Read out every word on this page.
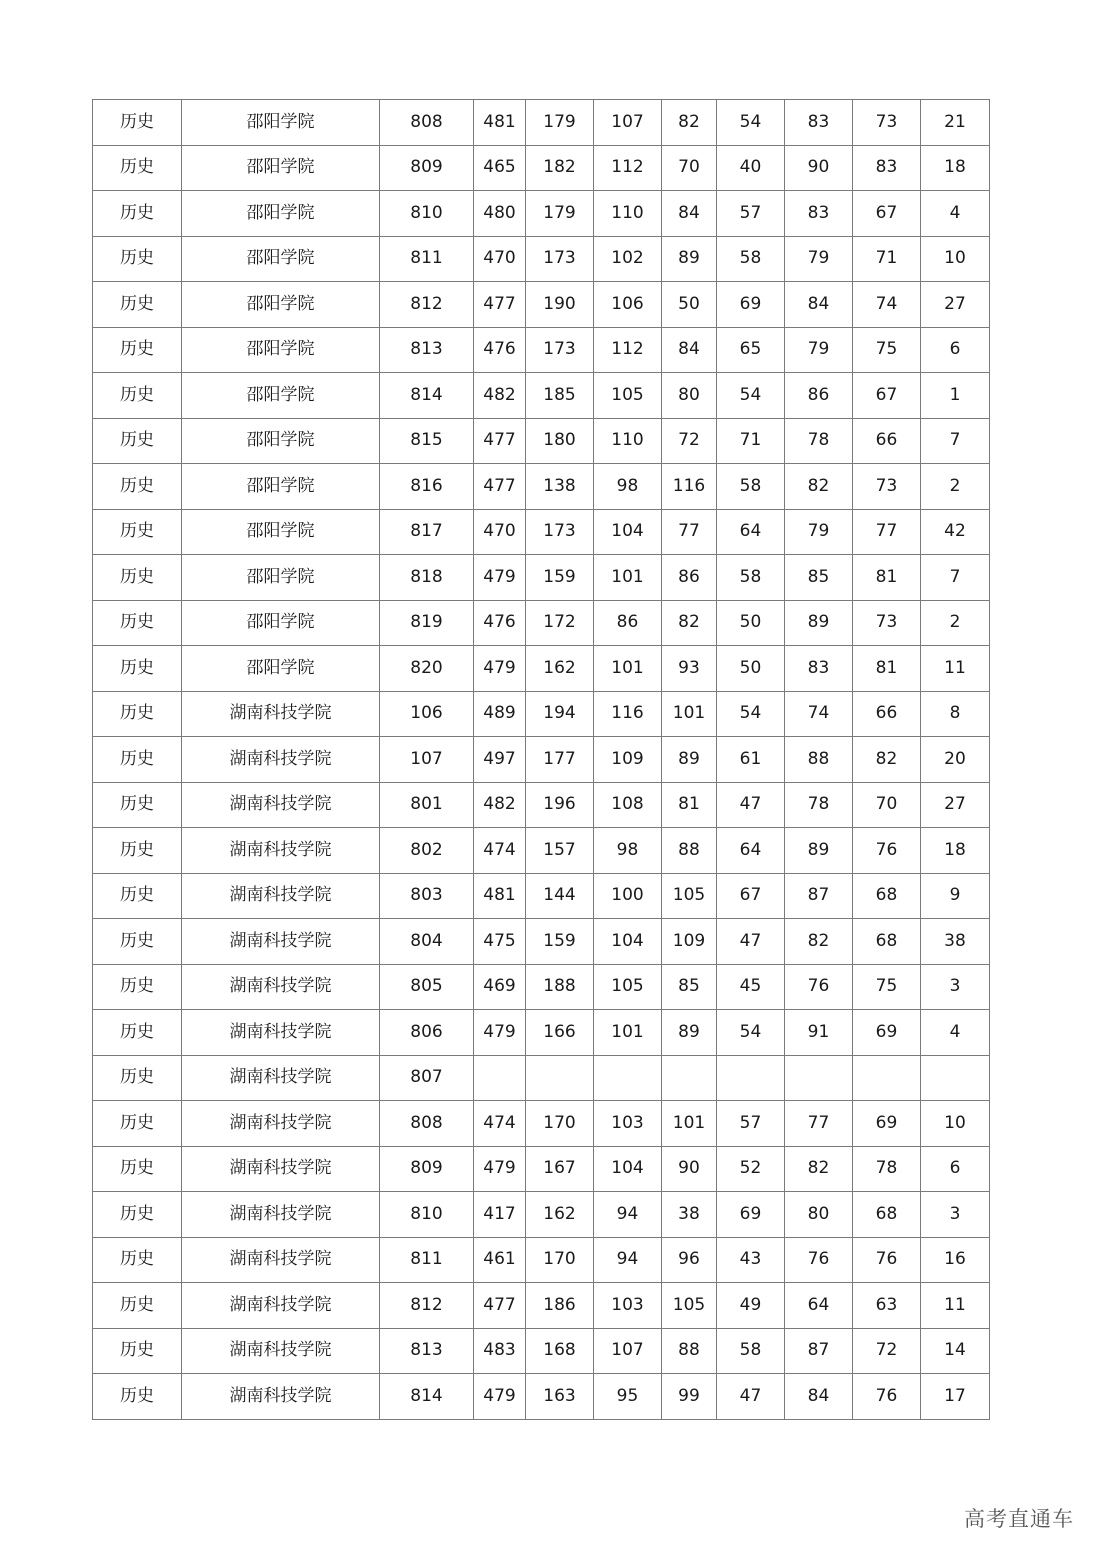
历史	邵阳学院	808	481	179	107	82	54	83	73	21
历史	邵阳学院	809	465	182	112	70	40	90	83	18
历史	邵阳学院	810	480	179	110	84	57	83	67	4
历史	邵阳学院	811	470	173	102	89	58	79	71	10
历史	邵阳学院	812	477	190	106	50	69	84	74	27
历史	邵阳学院	813	476	173	112	84	65	79	75	6
历史	邵阳学院	814	482	185	105	80	54	86	67	1
历史	邵阳学院	815	477	180	110	72	71	78	66	7
历史	邵阳学院	816	477	138	98	116	58	82	73	2
历史	邵阳学院	817	470	173	104	77	64	79	77	42
历史	邵阳学院	818	479	159	101	86	58	85	81	7
历史	邵阳学院	819	476	172	86	82	50	89	73	2
历史	邵阳学院	820	479	162	101	93	50	83	81	11
历史	湖南科技学院	106	489	194	116	101	54	74	66	8
历史	湖南科技学院	107	497	177	109	89	61	88	82	20
历史	湖南科技学院	801	482	196	108	81	47	78	70	27
历史	湖南科技学院	802	474	157	98	88	64	89	76	18
历史	湖南科技学院	803	481	144	100	105	67	87	68	9
历史	湖南科技学院	804	475	159	104	109	47	82	68	38
历史	湖南科技学院	805	469	188	105	85	45	76	75	3
历史	湖南科技学院	806	479	166	101	89	54	91	69	4
历史	湖南科技学院	807								
历史	湖南科技学院	808	474	170	103	101	57	77	69	10
历史	湖南科技学院	809	479	167	104	90	52	82	78	6
历史	湖南科技学院	810	417	162	94	38	69	80	68	3
历史	湖南科技学院	811	461	170	94	96	43	76	76	16
历史	湖南科技学院	812	477	186	103	105	49	64	63	11
历史	湖南科技学院	813	483	168	107	88	58	87	72	14
历史	湖南科技学院	814	479	163	95	99	47	84	76	17
高考直通车
